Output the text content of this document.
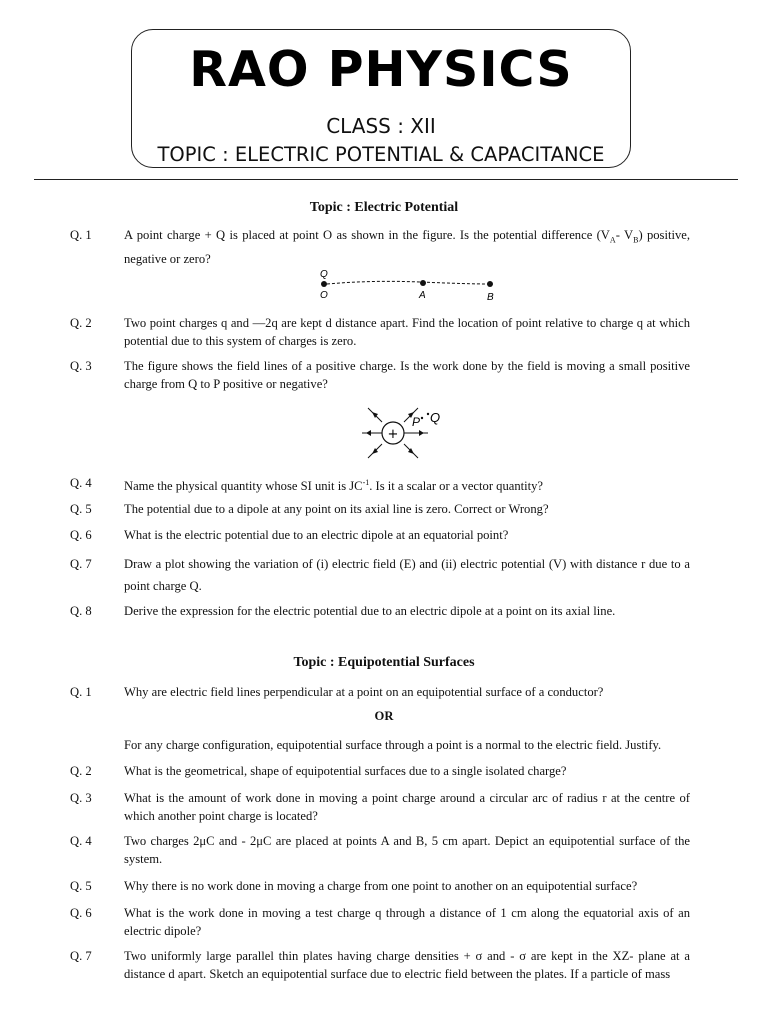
RAO PHYSICS
CLASS : XII
TOPIC : ELECTRIC POTENTIAL & CAPACITANCE
Topic : Electric Potential
Q. 1	A point charge + Q is placed at point O as shown in the figure. Is the potential difference ($V_A-$ $V_B$) positive, negative or zero?
Q
O	A	B
Q. 2	Two point charges q and —2q are kept d distance apart. Find the location of point relative to charge q at which potential due to this system of charges is zero.
Q. 3	The figure shows the field lines of a positive charge. Is the work done by the field is moving a small positive charge from Q to P positive or negative?
+
P Q
Q. 4	Name the physical quantity whose SI unit is $JC^{-1}$. Is it a scalar or a vector quantity?
Q. 5	The potential due to a dipole at any point on its axial line is zero. Correct or Wrong?
Q. 6	What is the electric potential due to an electric dipole at an equatorial point?
Q. 7	Draw a plot showing the variation of (i) electric field (E) and (ii) electric potential (V) with distance r due to a point charge Q.
Q. 8	Derive the expression for the electric potential due to an electric dipole at a point on its axial line.
Topic : Equipotential Surfaces
Q. 1	Why are electric field lines perpendicular at a point on an equipotential surface of a conductor?
OR
For any charge configuration, equipotential surface through a point is a normal to the electric field. Justify.
Q. 2	What is the geometrical, shape of equipotential surfaces due to a single isolated charge?
Q. 3	What is the amount of work done in moving a point charge around a circular arc of radius r at the centre of which another point charge is located?
Q. 4	Two charges 2μC and - 2μC are placed at points A and B, 5 cm apart. Depict an equipotential surface of the system.
Q. 5	Why there is no work done in moving a charge from one point to another on an equipotential surface?
Q. 6	What is the work done in moving a test charge q through a distance of 1 cm along the equatorial axis of an electric dipole?
Q. 7	Two uniformly large parallel thin plates having charge densities + σ and - σ are kept in the XZ- plane at a distance d apart. Sketch an equipotential surface due to electric field between the plates. If a particle of mass
